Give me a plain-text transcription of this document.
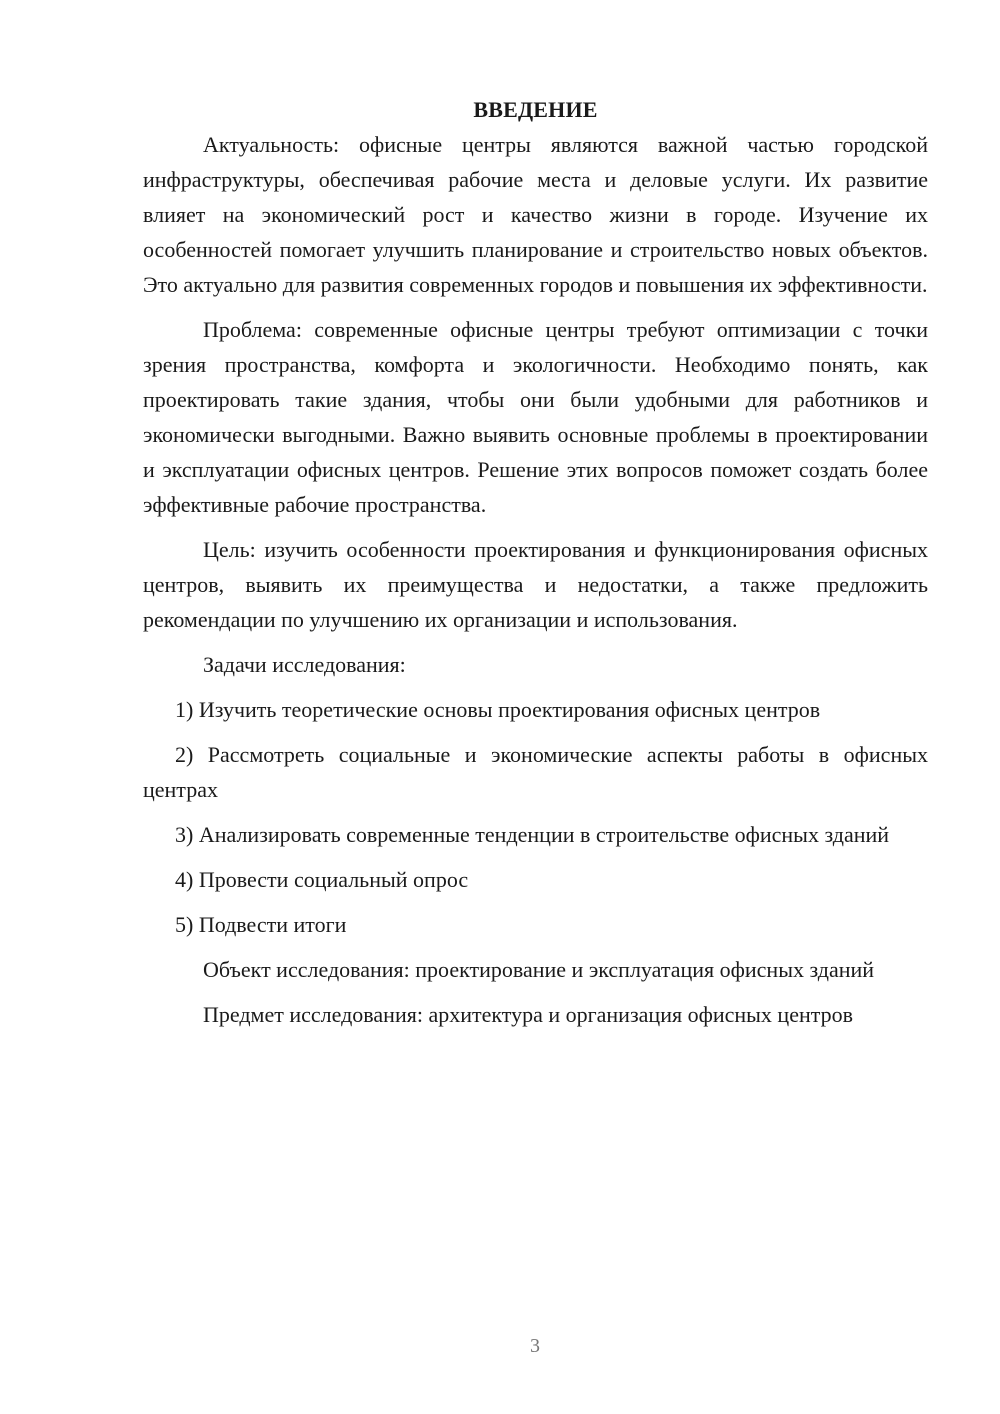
ВВЕДЕНИЕ

Актуальность: офисные центры являются важной частью городской инфраструктуры, обеспечивая рабочие места и деловые услуги. Их развитие влияет на экономический рост и качество жизни в городе. Изучение их особенностей помогает улучшить планирование и строительство новых объектов. Это актуально для развития современных городов и повышения их эффективности.

Проблема: современные офисные центры требуют оптимизации с точки зрения пространства, комфорта и экологичности. Необходимо понять, как проектировать такие здания, чтобы они были удобными для работников и экономически выгодными. Важно выявить основные проблемы в проектировании и эксплуатации офисных центров. Решение этих вопросов поможет создать более эффективные рабочие пространства.

Цель: изучить особенности проектирования и функционирования офисных центров, выявить их преимущества и недостатки, а также предложить рекомендации по улучшению их организации и использования.

Задачи исследования:

1) Изучить теоретические основы проектирования офисных центров

2) Рассмотреть социальные и экономические аспекты работы в офисных центрах

3) Анализировать современные тенденции в строительстве офисных зданий

4) Провести социальный опрос

5) Подвести итоги

Объект исследования: проектирование и эксплуатация офисных зданий

Предмет исследования: архитектура и организация офисных центров

3
